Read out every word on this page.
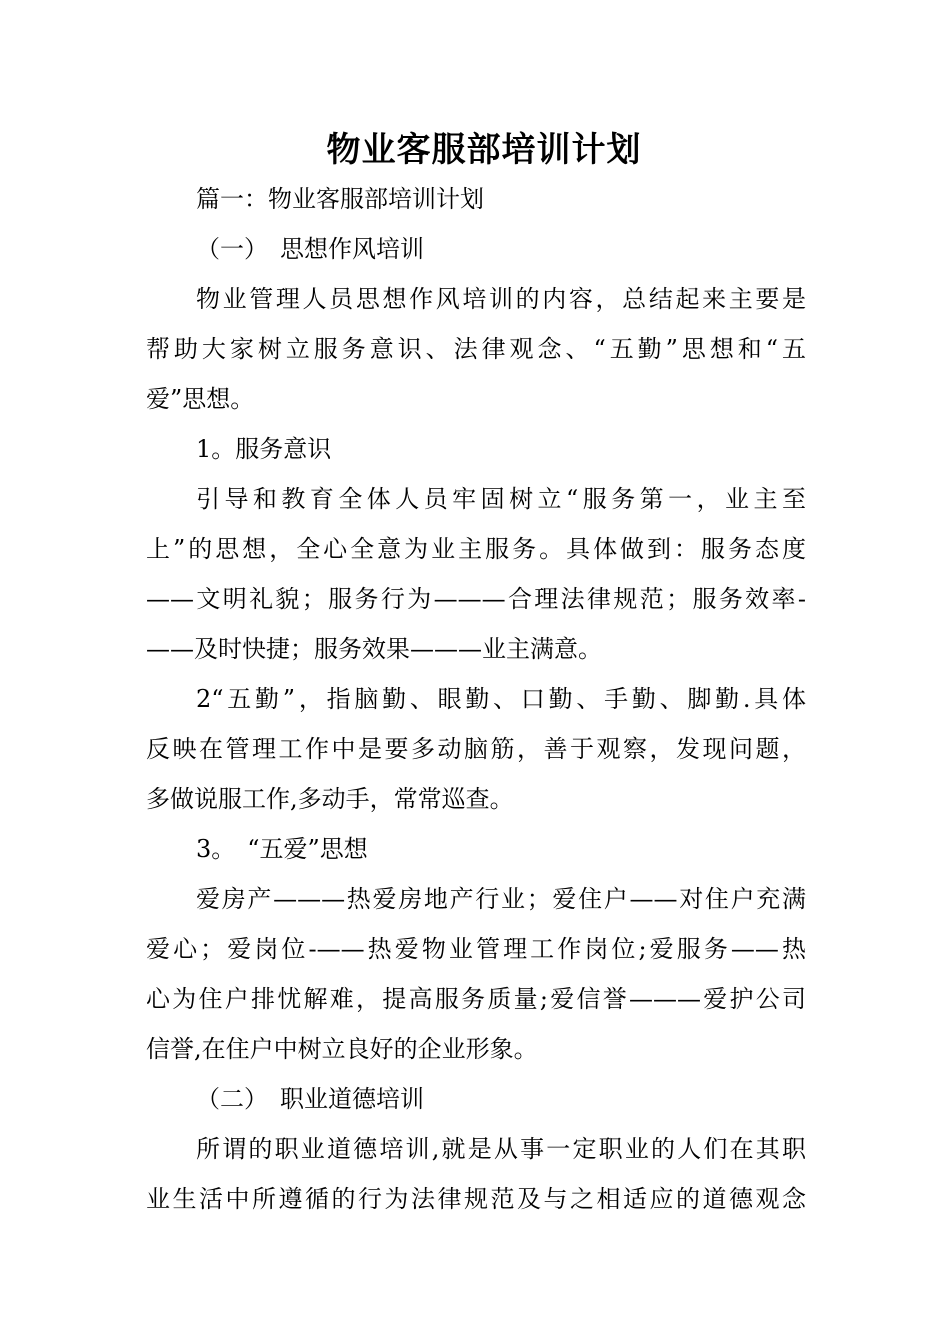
物业客服部培训计划
篇一：物业客服部培训计划
（一）　思想作风培训
物业管理人员思想作风培训的内容，总结起来主要是
帮助大家树立服务意识、法律观念、“五勤”思想和“五
爱”思想。
1。服务意识
引导和教育全体人员牢固树立“服务第一，业主至
上”的思想，全心全意为业主服务。具体做到：服务态度
——文明礼貌；服务行为———合理法律规范；服务效率-
——及时快捷；服务效果———业主满意。
2“五勤”，指脑勤、眼勤、口勤、手勤、脚勤.具体
反映在管理工作中是要多动脑筋，善于观察，发现问题，
多做说服工作,多动手，常常巡查。
3。　“五爱”思想
爱房产———热爱房地产行业；爱住户——对住户充满
爱心；爱岗位-——热爱物业管理工作岗位;爱服务——热
心为住户排忧解难，提高服务质量;爱信誉———爱护公司
信誉,在住户中树立良好的企业形象。
（二）　职业道德培训
所谓的职业道德培训,就是从事一定职业的人们在其职
业生活中所遵循的行为法律规范及与之相适应的道德观念
